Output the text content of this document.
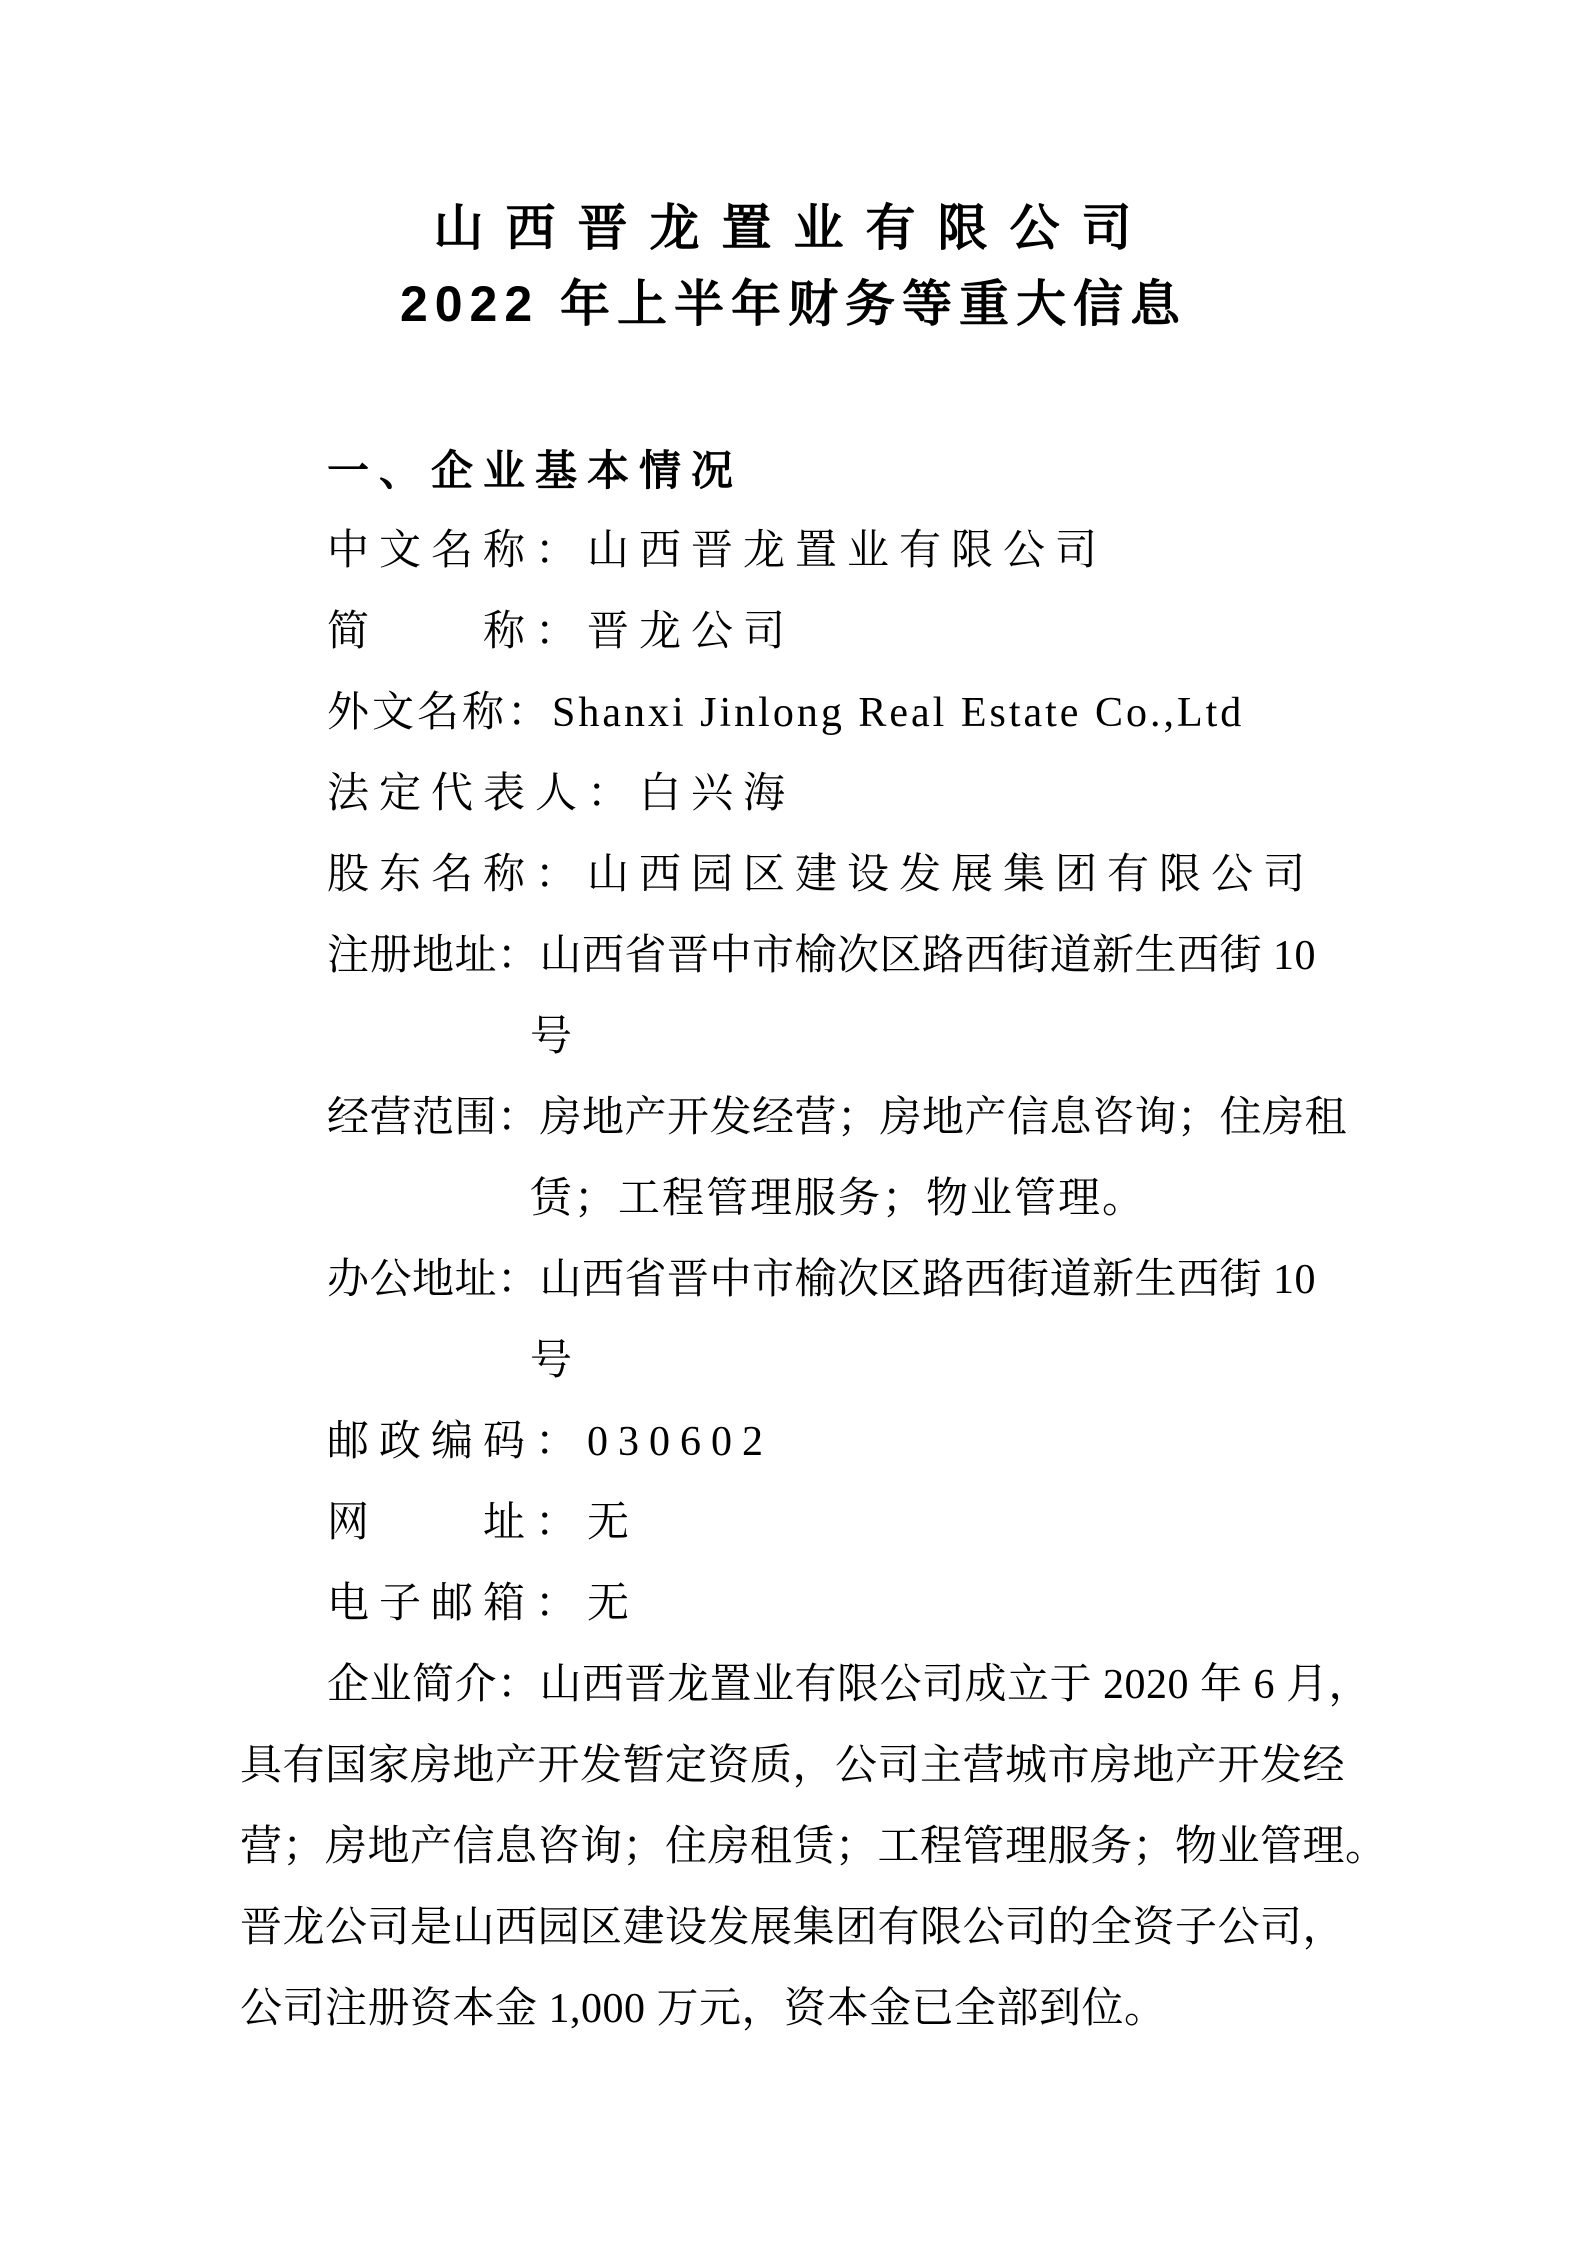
山西晋龙置业有限公司
2022 年上半年财务等重大信息
一、企业基本情况
中文名称：山西晋龙置业有限公司
简　　称：晋龙公司
外文名称：Shanxi Jinlong Real Estate Co.,Ltd
法定代表人：白兴海
股东名称：山西园区建设发展集团有限公司
注册地址：山西省晋中市榆次区路西街道新生西街 10
号
经营范围：房地产开发经营；房地产信息咨询；住房租
赁；工程管理服务；物业管理。
办公地址：山西省晋中市榆次区路西街道新生西街 10
号
邮政编码：030602
网　　址：无
电子邮箱：无
企业简介：山西晋龙置业有限公司成立于 2020 年 6 月，
具有国家房地产开发暂定资质，公司主营城市房地产开发经
营；房地产信息咨询；住房租赁；工程管理服务；物业管理。
晋龙公司是山西园区建设发展集团有限公司的全资子公司，
公司注册资本金 1,000 万元，资本金已全部到位。
